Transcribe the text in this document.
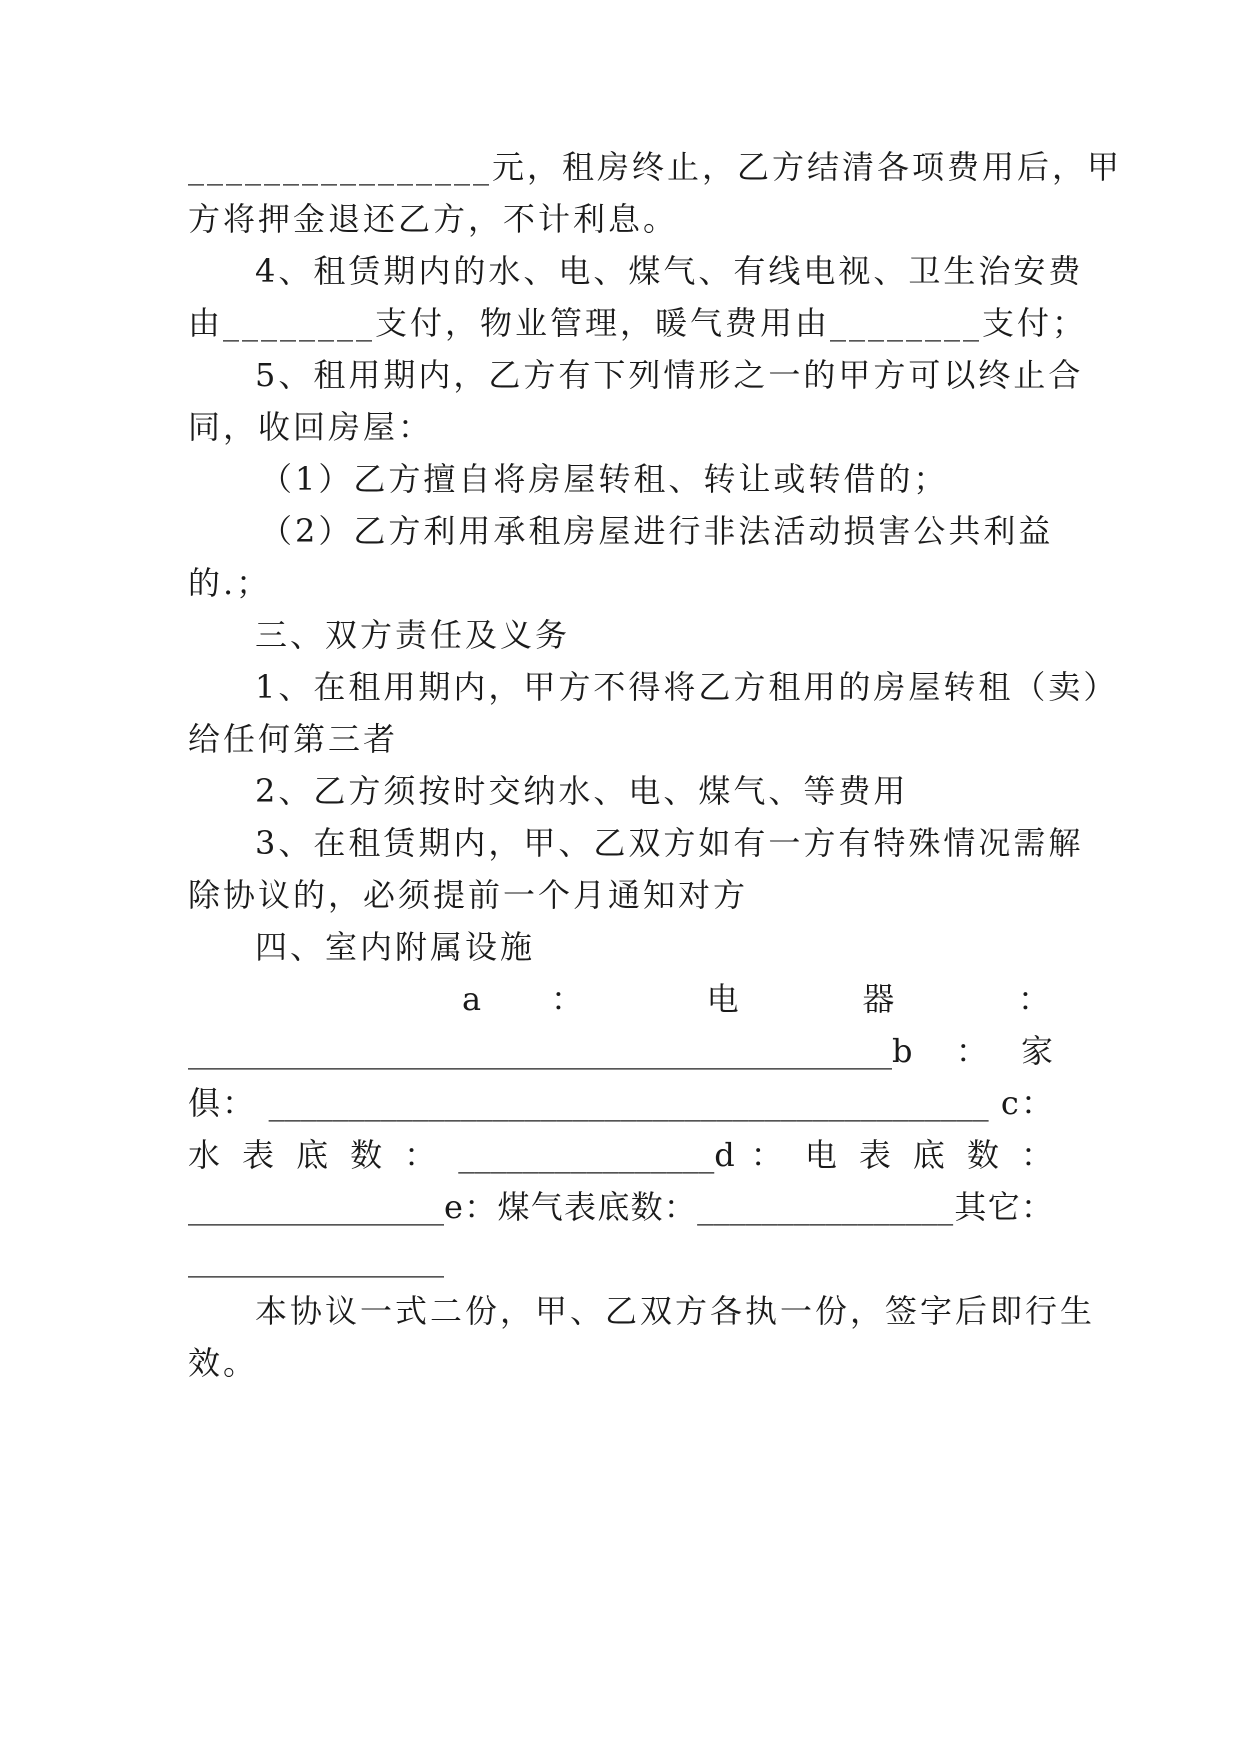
________________元，租房终止，乙方结清各项费用后，甲
方将押金退还乙方，不计利息。
4、租赁期内的水、电、煤气、有线电视、卫生治安费
由________支付，物业管理，暖气费用由________支付；
5、租用期内，乙方有下列情形之一的甲方可以终止合
同，收回房屋：
（1）乙方擅自将房屋转租、转让或转借的；
（2）乙方利用承租房屋进行非法活动损害公共利益
的.；
三、双方责任及义务
1、在租用期内，甲方不得将乙方租用的房屋转租（卖）
给任何第三者
2、乙方须按时交纳水、电、煤气、等费用
3、在租赁期内，甲、乙双方如有一方有特殊情况需解
除协议的，必须提前一个月通知对方
四、室内附属设施
a ： 电 器 ：
____________________________________________b ：家
俱： _____________________________________________ c：
水 表 底 数 ： ________________d ： 电 表 底 数 ：
________________e：煤气表底数：________________其它：
________________
本协议一式二份，甲、乙双方各执一份，签字后即行生
效。
